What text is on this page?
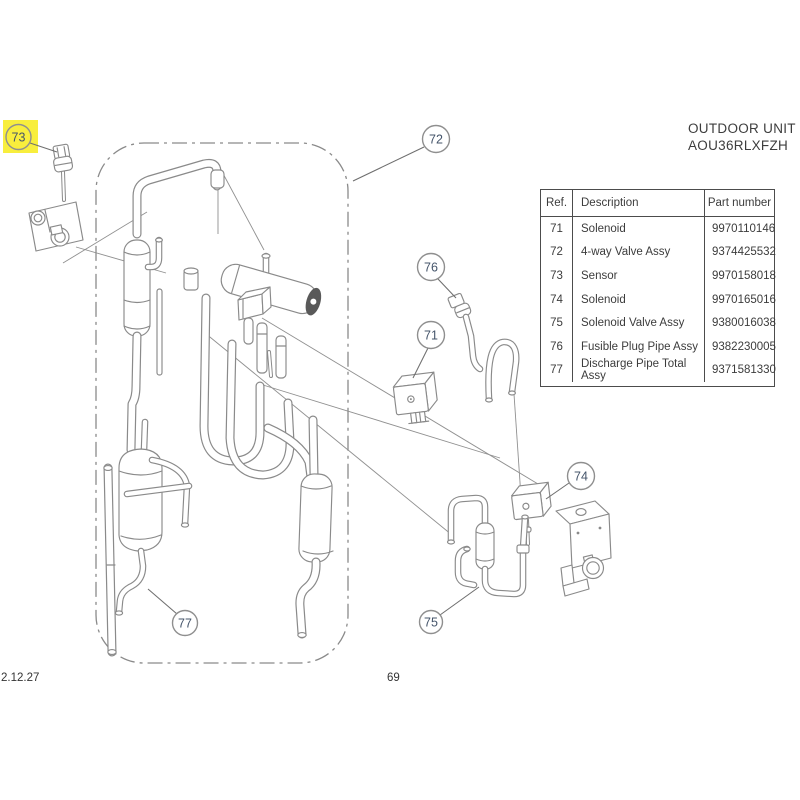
73	72
76
71
74
75
77
OUTDOOR UNIT
AOU36RLXFZH
Ref.	Description	Part number
71	Solenoid	9970110146
72	4-way Valve Assy	9374425532
73	Sensor	9970158018
74	Solenoid	9970165016
75	Solenoid Valve Assy	9380016038
76	Fusible Plug Pipe Assy	9382230005
77	Discharge Pipe Total Assy	9371581330
2.12.27	69
